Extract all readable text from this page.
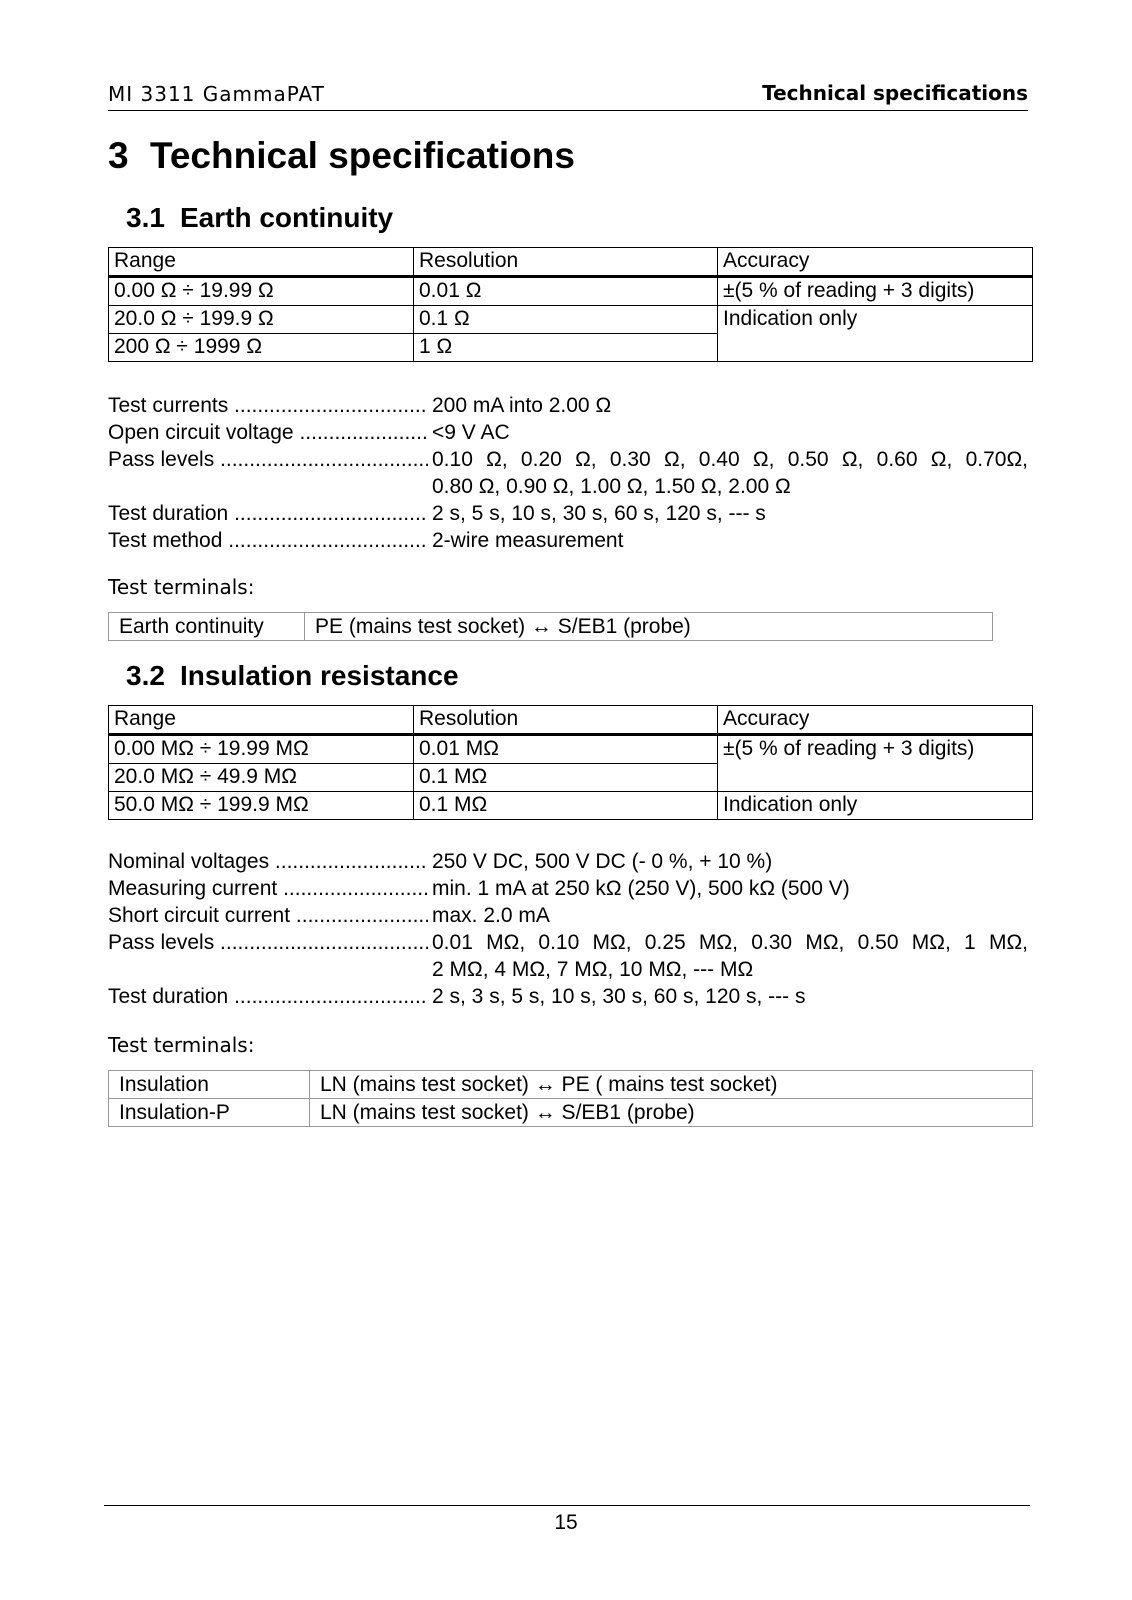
MI 3311 GammaPAT	Technical specifications
3 Technical specifications
3.1 Earth continuity
Range	Resolution	Accuracy
0.00 Ω ÷ 19.99 Ω	0.01 Ω	±(5 % of reading + 3 digits)
20.0 Ω ÷ 199.9 Ω	0.1 Ω	Indication only
200 Ω ÷ 1999 Ω	1 Ω	
Test currents .....	200 mA into 2.00 Ω
Open circuit voltage .....	<9 V AC
Pass levels .....	0.10 Ω, 0.20 Ω, 0.30 Ω, 0.40 Ω, 0.50 Ω, 0.60 Ω, 0.70Ω,
0.80 Ω, 0.90 Ω, 1.00 Ω, 1.50 Ω, 2.00 Ω
Test duration .....	2 s, 5 s, 10 s, 30 s, 60 s, 120 s, --- s
Test method .....	2-wire measurement
Test terminals:
Earth continuity	PE (mains test socket) ↔ S/EB1 (probe)
3.2 Insulation resistance
Range	Resolution	Accuracy
0.00 MΩ ÷ 19.99 MΩ	0.01 MΩ	±(5 % of reading + 3 digits)
20.0 MΩ ÷ 49.9 MΩ	0.1 MΩ	
50.0 MΩ ÷ 199.9 MΩ	0.1 MΩ	Indication only
Nominal voltages .....	250 V DC, 500 V DC (- 0 %, + 10 %)
Measuring current .....	min. 1 mA at 250 kΩ (250 V), 500 kΩ (500 V)
Short circuit current .....	max. 2.0 mA
Pass levels .....	0.01 MΩ, 0.10 MΩ, 0.25 MΩ, 0.30 MΩ, 0.50 MΩ, 1 MΩ,
2 MΩ, 4 MΩ, 7 MΩ, 10 MΩ, --- MΩ
Test duration .....	2 s, 3 s, 5 s, 10 s, 30 s, 60 s, 120 s, --- s
Test terminals:
Insulation	LN (mains test socket) ↔ PE ( mains test socket)
Insulation-P	LN (mains test socket) ↔ S/EB1 (probe)
15
